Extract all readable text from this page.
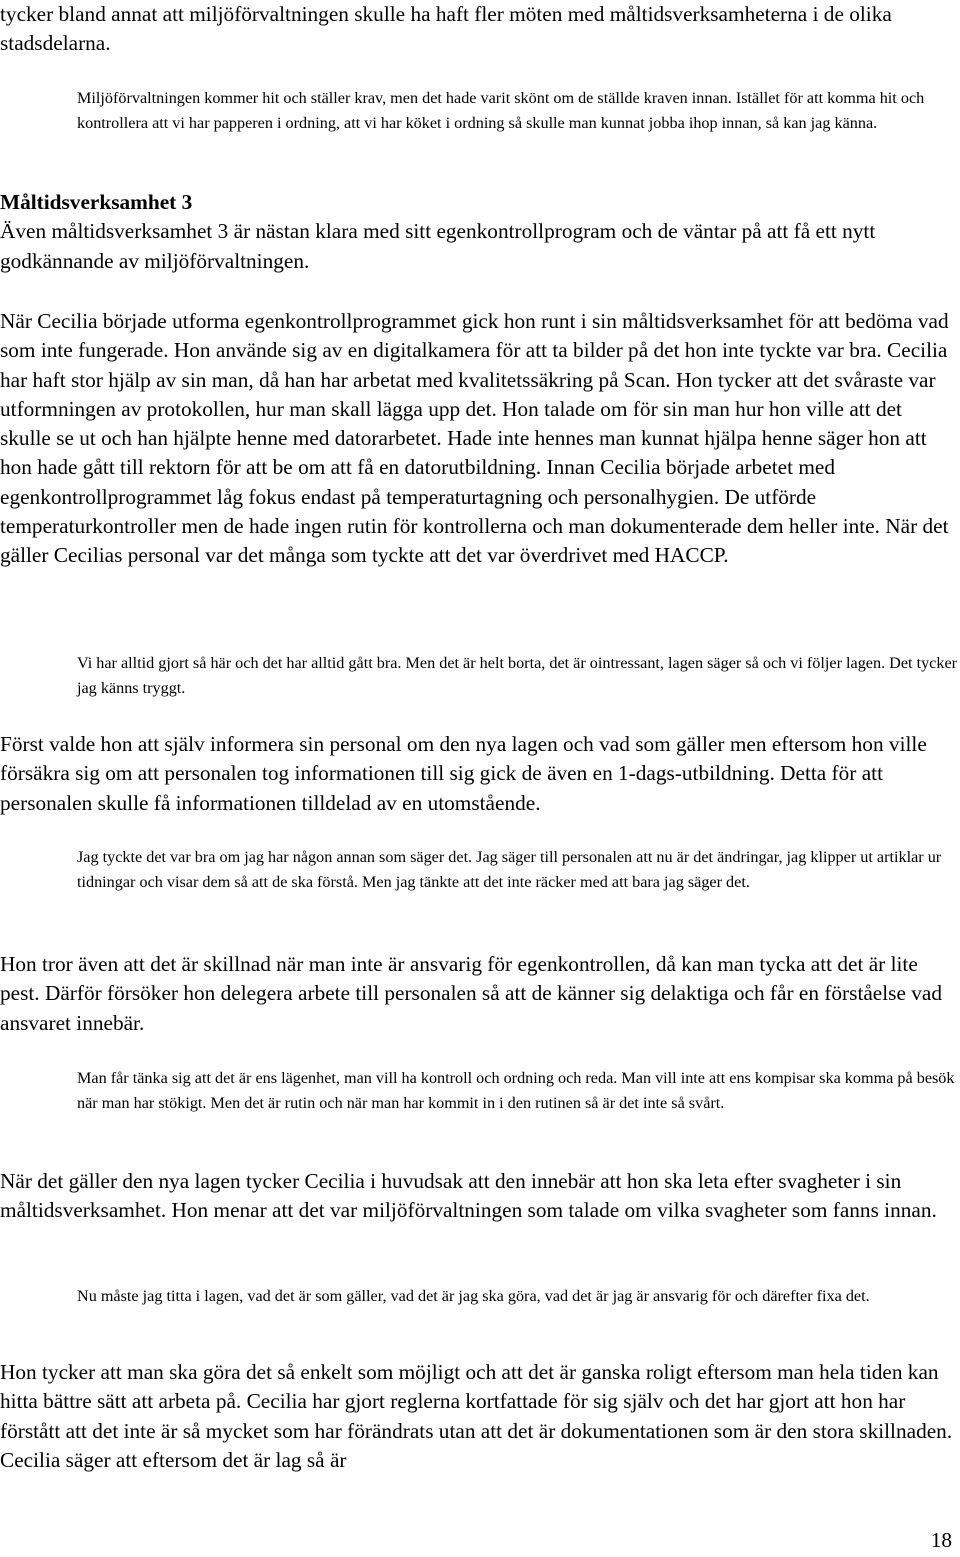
tycker bland annat att miljöförvaltningen skulle ha haft fler möten med måltidsverksamheterna i de olika stadsdelarna.

Miljöförvaltningen kommer hit och ställer krav, men det hade varit skönt om de ställde kraven innan. Istället för att komma hit och kontrollera att vi har papperen i ordning, att vi har köket i ordning så skulle man kunnat jobba ihop innan, så kan jag känna.

Måltidsverksamhet 3
Även måltidsverksamhet 3 är nästan klara med sitt egenkontrollprogram och de väntar på att få ett nytt godkännande av miljöförvaltningen.

När Cecilia började utforma egenkontrollprogrammet gick hon runt i sin måltidsverksamhet för att bedöma vad som inte fungerade. Hon använde sig av en digitalkamera för att ta bilder på det hon inte tyckte var bra. Cecilia har haft stor hjälp av sin man, då han har arbetat med kvalitetssäkring på Scan. Hon tycker att det svåraste var utformningen av protokollen, hur man skall lägga upp det. Hon talade om för sin man hur hon ville att det skulle se ut och han hjälpte henne med datorarbetet. Hade inte hennes man kunnat hjälpa henne säger hon att hon hade gått till rektorn för att be om att få en datorutbildning. Innan Cecilia började arbetet med egenkontrollprogrammet låg fokus endast på temperaturtagning och personalhygien. De utförde temperaturkontroller men de hade ingen rutin för kontrollerna och man dokumenterade dem heller inte. När det gäller Cecilias personal var det många som tyckte att det var överdrivet med HACCP.

Vi har alltid gjort så här och det har alltid gått bra. Men det är helt borta, det är ointressant, lagen säger så och vi följer lagen. Det tycker jag känns tryggt.

Först valde hon att själv informera sin personal om den nya lagen och vad som gäller men eftersom hon ville försäkra sig om att personalen tog informationen till sig gick de även en 1-dags-utbildning. Detta för att personalen skulle få informationen tilldelad av en utomstående.

Jag tyckte det var bra om jag har någon annan som säger det. Jag säger till personalen att nu är det ändringar, jag klipper ut artiklar ur tidningar och visar dem så att de ska förstå. Men jag tänkte att det inte räcker med att bara jag säger det.

Hon tror även att det är skillnad när man inte är ansvarig för egenkontrollen, då kan man tycka att det är lite pest. Därför försöker hon delegera arbete till personalen så att de känner sig delaktiga och får en förståelse vad ansvaret innebär.

Man får tänka sig att det är ens lägenhet, man vill ha kontroll och ordning och reda. Man vill inte att ens kompisar ska komma på besök när man har stökigt. Men det är rutin och när man har kommit in i den rutinen så är det inte så svårt.

När det gäller den nya lagen tycker Cecilia i huvudsak att den innebär att hon ska leta efter svagheter i sin måltidsverksamhet. Hon menar att det var miljöförvaltningen som talade om vilka svagheter som fanns innan.

Nu måste jag titta i lagen, vad det är som gäller, vad det är jag ska göra, vad det är jag är ansvarig för och därefter fixa det.

Hon tycker att man ska göra det så enkelt som möjligt och att det är ganska roligt eftersom man hela tiden kan hitta bättre sätt att arbeta på. Cecilia har gjort reglerna kortfattade för sig själv och det har gjort att hon har förstått att det inte är så mycket som har förändrats utan att det är dokumentationen som är den stora skillnaden. Cecilia säger att eftersom det är lag så är

18
